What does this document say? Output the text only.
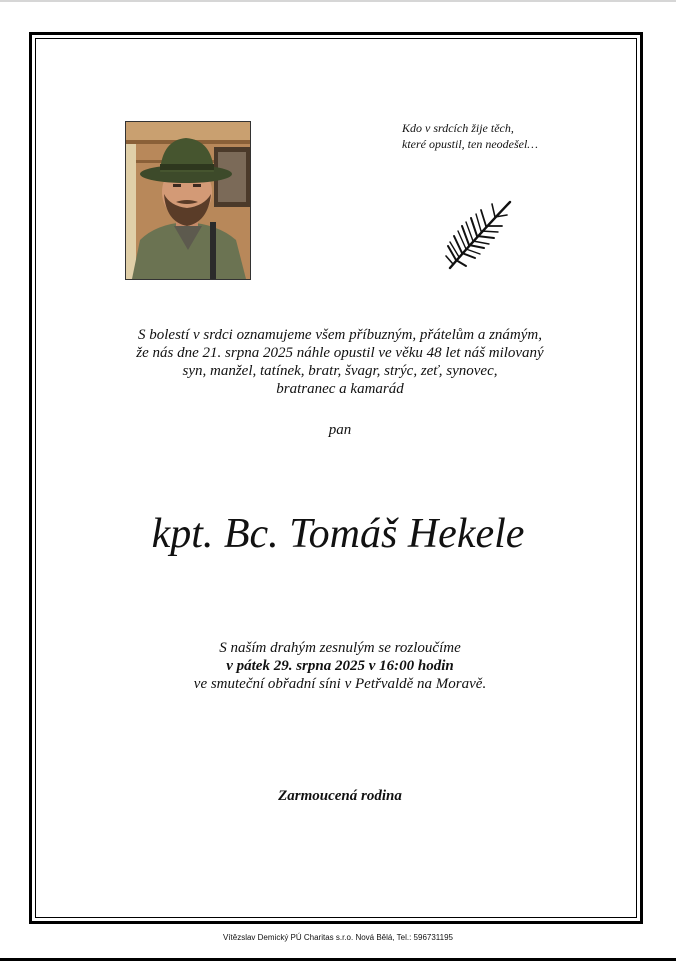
Kdo v srdcích žije těch,
které opustil, ten neodešel…
S bolestí v srdci oznamujeme všem příbuzným, přátelům a známým,
že nás dne 21. srpna 2025 náhle opustil ve věku 48 let náš milovaný
syn, manžel, tatínek, bratr, švagr, strýc, zeť, synovec,
bratranec a kamarád
pan
kpt. Bc. Tomáš Hekele
S naším drahým zesnulým se rozloučíme
v pátek 29. srpna 2025 v 16:00 hodin
ve smuteční obřadní síni v Petřvaldě na Moravě.
Zarmoucená rodina
Vítězslav Demický PÚ Charitas s.r.o. Nová Bělá, Tel.: 596731195
